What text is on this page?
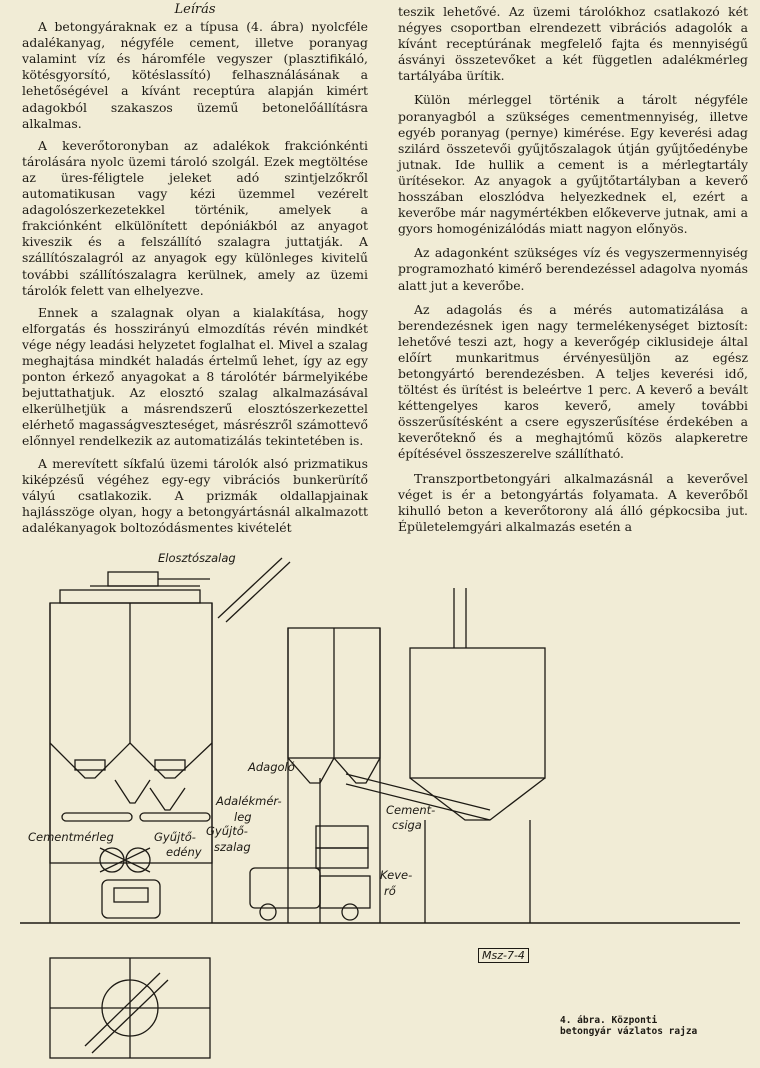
Leírás

A betongyáraknak ez a típusa (4. ábra) nyolcféle adalékanyag, négyféle cement, illetve poranyag valamint víz és háromféle vegyszer (plasztifikáló, kötésgyorsító, kötéslassító) felhasználásának a lehetőségével a kívánt receptúra alapján kimért adagokból szakaszos üzemű betonelőállításra alkalmas.

A keverőtoronyban az adalékok frakciónkénti tárolására nyolc üzemi tároló szolgál. Ezek megtöltése az üres-féligtele jeleket adó szintjelzőkről automatikusan vagy kézi üzemmel vezérelt adagolószerkezetekkel történik, amelyek a frakciónként elkülönített depóniákból az anyagot kiveszik és a felszállító szalagra juttatják. A szállítószalagról az anyagok egy különleges kivitelű további szállítószalagra kerülnek, amely az üzemi tárolók felett van elhelyezve.

Ennek a szalagnak olyan a kialakítása, hogy elforgatás és hosszirányú elmozdítás révén mindkét vége négy leadási helyzetet foglalhat el. Mivel a szalag meghajtása mindkét haladás értelmű lehet, így az egy ponton érkező anyagokat a 8 tárolótér bármelyikébe bejuttathatjuk. Az elosztó szalag alkalmazásával elkerülhetjük a másrendszerű elosztószerkezettel elérhető magasságveszteséget, másrészről számottevő előnnyel rendelkezik az automatizálás tekintetében is.

A merevített síkfalú üzemi tárolók alsó prizmatikus kiképzésű végéhez egy-egy vibrációs bunkerürítő vályú csatlakozik. A prizmák oldallapjainak hajlásszöge olyan, hogy a betongyártásnál alkalmazott adalékanyagok boltozódásmentes kivételét

teszik lehetővé. Az üzemi tárolókhoz csatlakozó két négyes csoportban elrendezett vibrációs adagolók a kívánt receptúrának megfelelő fajta és mennyiségű ásványi összetevőket a két független adalékmérleg tartályába ürítik.

Külön mérleggel történik a tárolt négyféle poranyagból a szükséges cementmennyiség, illetve egyéb poranyag (pernye) kimérése. Egy keverési adag szilárd összetevői gyűjtőszalagok útján gyűjtőedénybe jutnak. Ide hullik a cement is a mérlegtartály ürítésekor. Az anyagok a gyűjtőtartályban a keverő hosszában eloszlódva helyezkednek el, ezért a keverőbe már nagymértékben előkeverve jutnak, ami a gyors homogénizálódás miatt nagyon előnyös.

Az adagonként szükséges víz és vegyszermennyiség programozható kimérő berendezéssel adagolva nyomás alatt jut a keverőbe.

Az adagolás és a mérés automatizálása a berendezésnek igen nagy termelékenységet biztosít: lehetővé teszi azt, hogy a keverőgép ciklusideje által előírt munkaritmus érvényesüljön az egész betongyártó berendezésben. A teljes keverési idő, töltést és ürítést is beleértve 1 perc. A keverő a bevált kéttengelyes karos keverő, amely további összerűsítésként a csere egyszerűsítése érdekében a keverőteknő és a meghajtómű közös alapkeretre építésével összeszerelve szállítható.

Transzportbetongyári alkalmazásnál a keverővel véget is ér a betongyártás folyamata. A keverőből kihulló beton a keverőtorony alá álló gépkocsiba jut. Épületelemgyári alkalmazás esetén a

Elosztószalag
Adagoló
Adalékmér-
leg	Cement-
csiga
Cementmérleg	Gyűjtő-
edény
Gyűjtő-
szalag
Keve-
rő
Msz-7-4
4. ábra. Központi
betongyár vázlatos rajza
